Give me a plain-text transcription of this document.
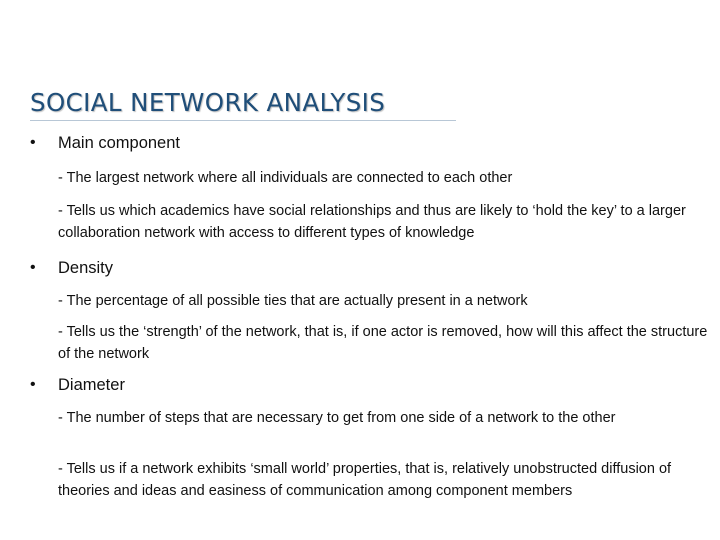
SOCIAL NETWORK ANALYSIS
• Main component
- The largest network where all individuals are connected to each other
- Tells us which academics have social relationships and thus are likely to ‘hold the key’ to a larger collaboration network with access to different types of knowledge
• Density
- The percentage of all possible ties that are actually present in a network
- Tells us the ‘strength’ of the network, that is, if one actor is removed, how will this affect the structure of the network
• Diameter
- The number of steps that are necessary to get from one side of a network to the other
- Tells us if a network exhibits ‘small world’ properties, that is, relatively unobstructed diffusion of theories and ideas and easiness of communication among component members
